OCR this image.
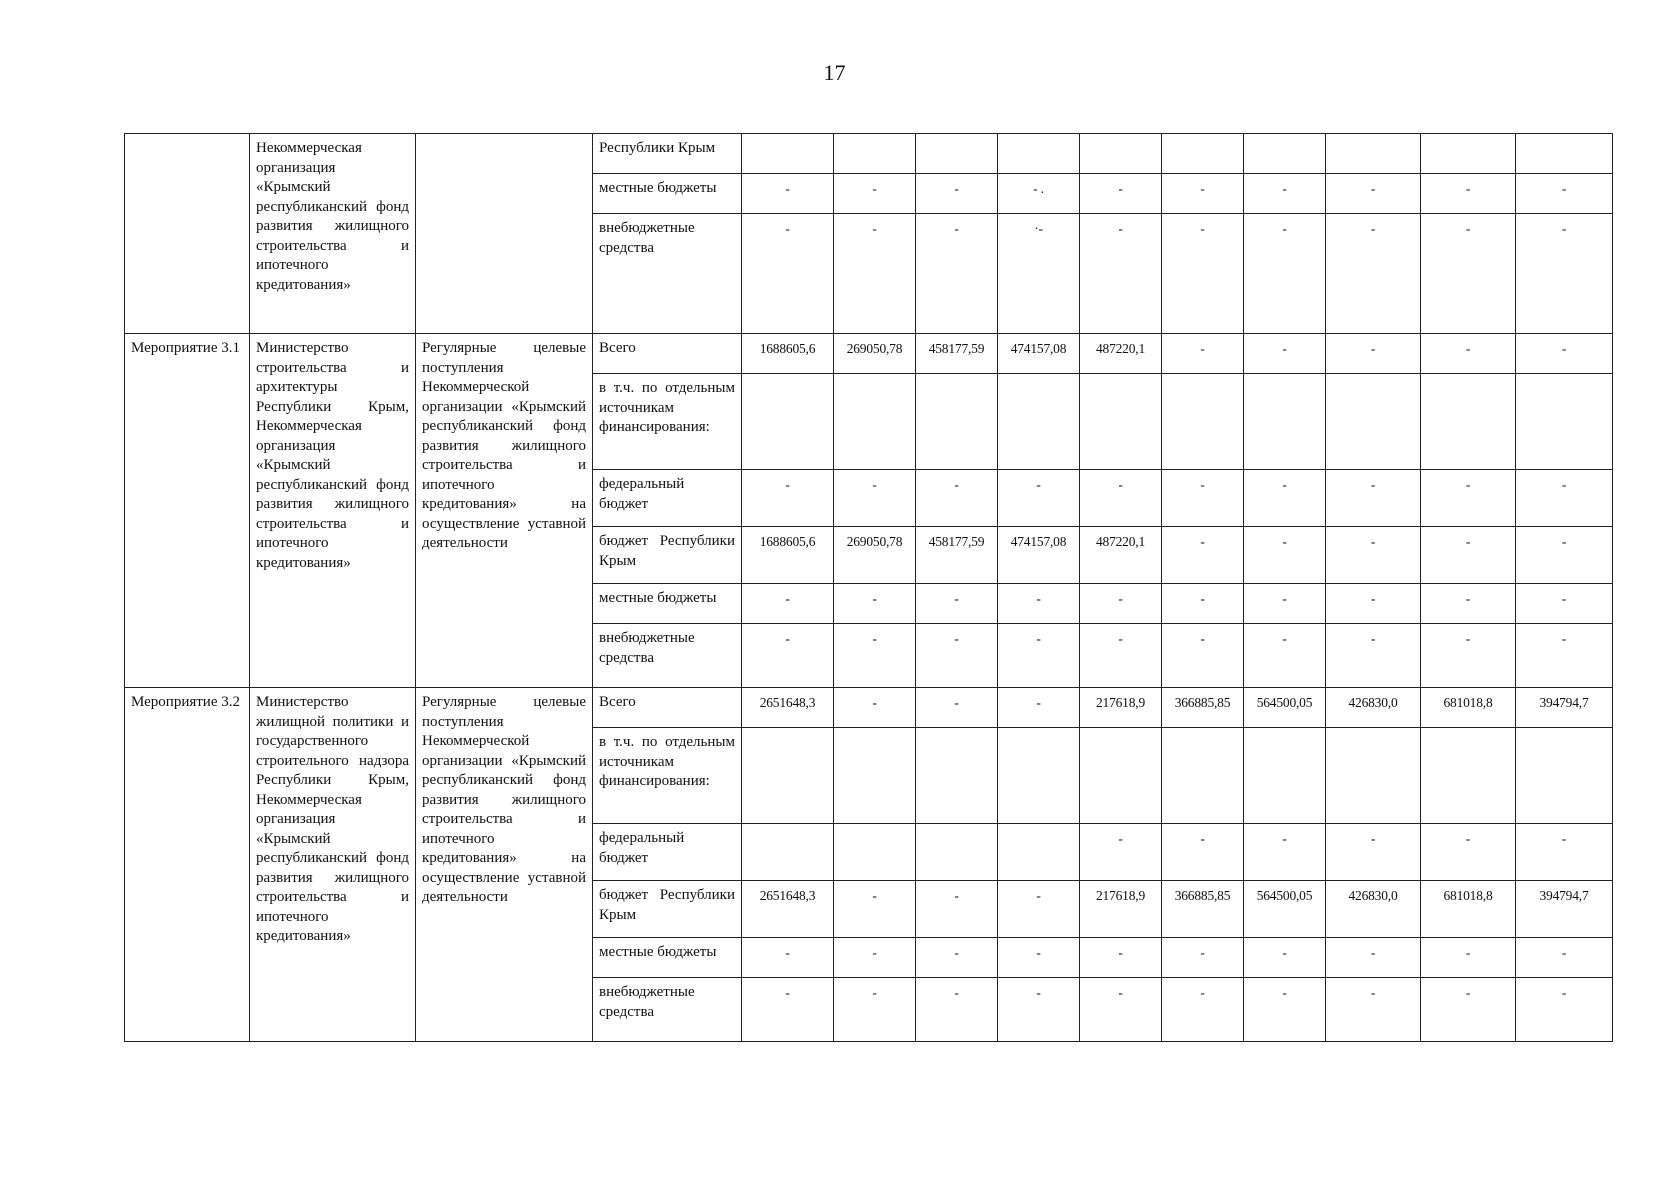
17
	Некоммерческая организация «Крымский республиканский фонд развития жилищного строительства и ипотечного кредитования»		Республики Крым										
			местные бюджеты	-	-	-	- .	-	-	-	-	-	-
			внебюджетные средства	-	-	-	·-	-	-	-	-	-	-
Мероприятие 3.1	Министерство строительства и архитектуры Республики Крым, Некоммерческая организация «Крымский республиканский фонд развития жилищного строительства и ипотечного кредитования»	Регулярные целевые поступления Некоммерческой организации «Крымский республиканский фонд развития жилищного строительства и ипотечного кредитования» на осуществление уставной деятельности	Всего	1688605,6	269050,78	458177,59	474157,08	487220,1	-	-	-	-	-
			в т.ч. по отдельным источникам финансирования:										
			федеральный бюджет	-	-	-	-	-	-	-	-	-	-
			бюджет Республики Крым	1688605,6	269050,78	458177,59	474157,08	487220,1	-	-	-	-	-
			местные бюджеты	-	-	-	-	-	-	-	-	-	-
			внебюджетные средства	-	-	-	-	-	-	-	-	-	-
Мероприятие 3.2	Министерство жилищной политики и государственного строительного надзора Республики Крым, Некоммерческая организация «Крымский республиканский фонд развития жилищного строительства и ипотечного кредитования»	Регулярные целевые поступления Некоммерческой организации «Крымский республиканский фонд развития жилищного строительства и ипотечного кредитования» на осуществление уставной деятельности	Всего	2651648,3	-	-	-	217618,9	366885,85	564500,05	426830,0	681018,8	394794,7
			в т.ч. по отдельным источникам финансирования:										
			федеральный бюджет					-	-	-	-	-	-
			бюджет Республики Крым	2651648,3	-	-	-	217618,9	366885,85	564500,05	426830,0	681018,8	394794,7
			местные бюджеты	-	-	-	-	-	-	-	-	-	-
			внебюджетные средства	-	-	-	-	-	-	-	-	-	-
